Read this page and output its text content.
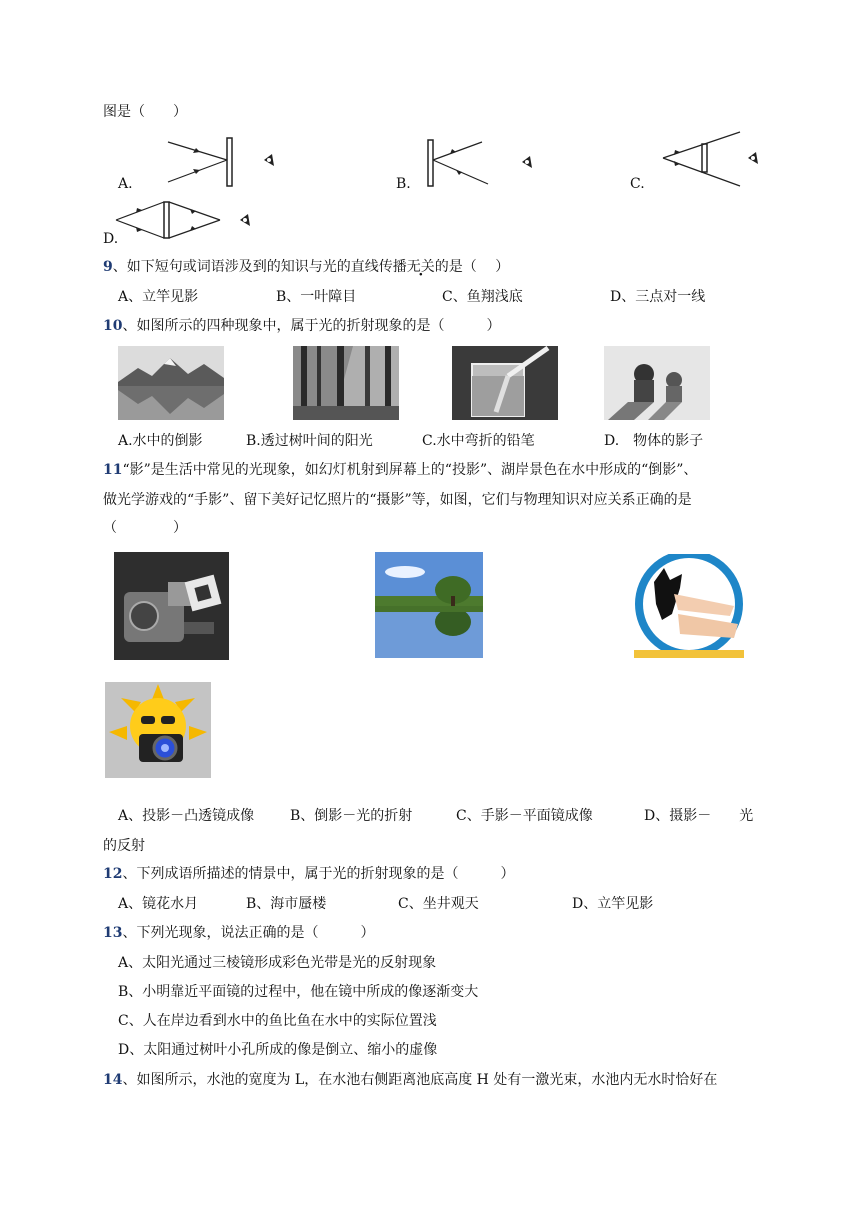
图是（　　）
A.	B.	C.
D.
9、如下短句或词语涉及到的知识与光的直线传播无关的是（　 ）
A、立竿见影	B、一叶障目	C、鱼翔浅底	D、三点对一线
10、如图所示的四种现象中，属于光的折射现象的是（　　　）
A.水中的倒影	B.透过树叶间的阳光	C.水中弯折的铅笔	D.　物体的影子
11“影”是生活中常见的光现象，如幻灯机射到屏幕上的“投影”、湖岸景色在水中形成的“倒影”、
做光学游戏的“手影”、留下美好记忆照片的“摄影”等，如图，它们与物理知识对应关系正确的是
（　　　　）
A、投影－凸透镜成像	B、倒影－光的折射	C、手影－平面镜成像	D、摄影－　　光
的反射
12、下列成语所描述的情景中，属于光的折射现象的是（　　　）
A、镜花水月	B、海市蜃楼	C、坐井观天	D、立竿见影
13、下列光现象，说法正确的是（　　　）
A、太阳光通过三棱镜形成彩色光带是光的反射现象
B、小明靠近平面镜的过程中，他在镜中所成的像逐渐变大
C、人在岸边看到水中的鱼比鱼在水中的实际位置浅
D、太阳通过树叶小孔所成的像是倒立、缩小的虚像
14、如图所示，水池的宽度为 L，在水池右侧距离池底高度 H 处有一激光束，水池内无水时恰好在
